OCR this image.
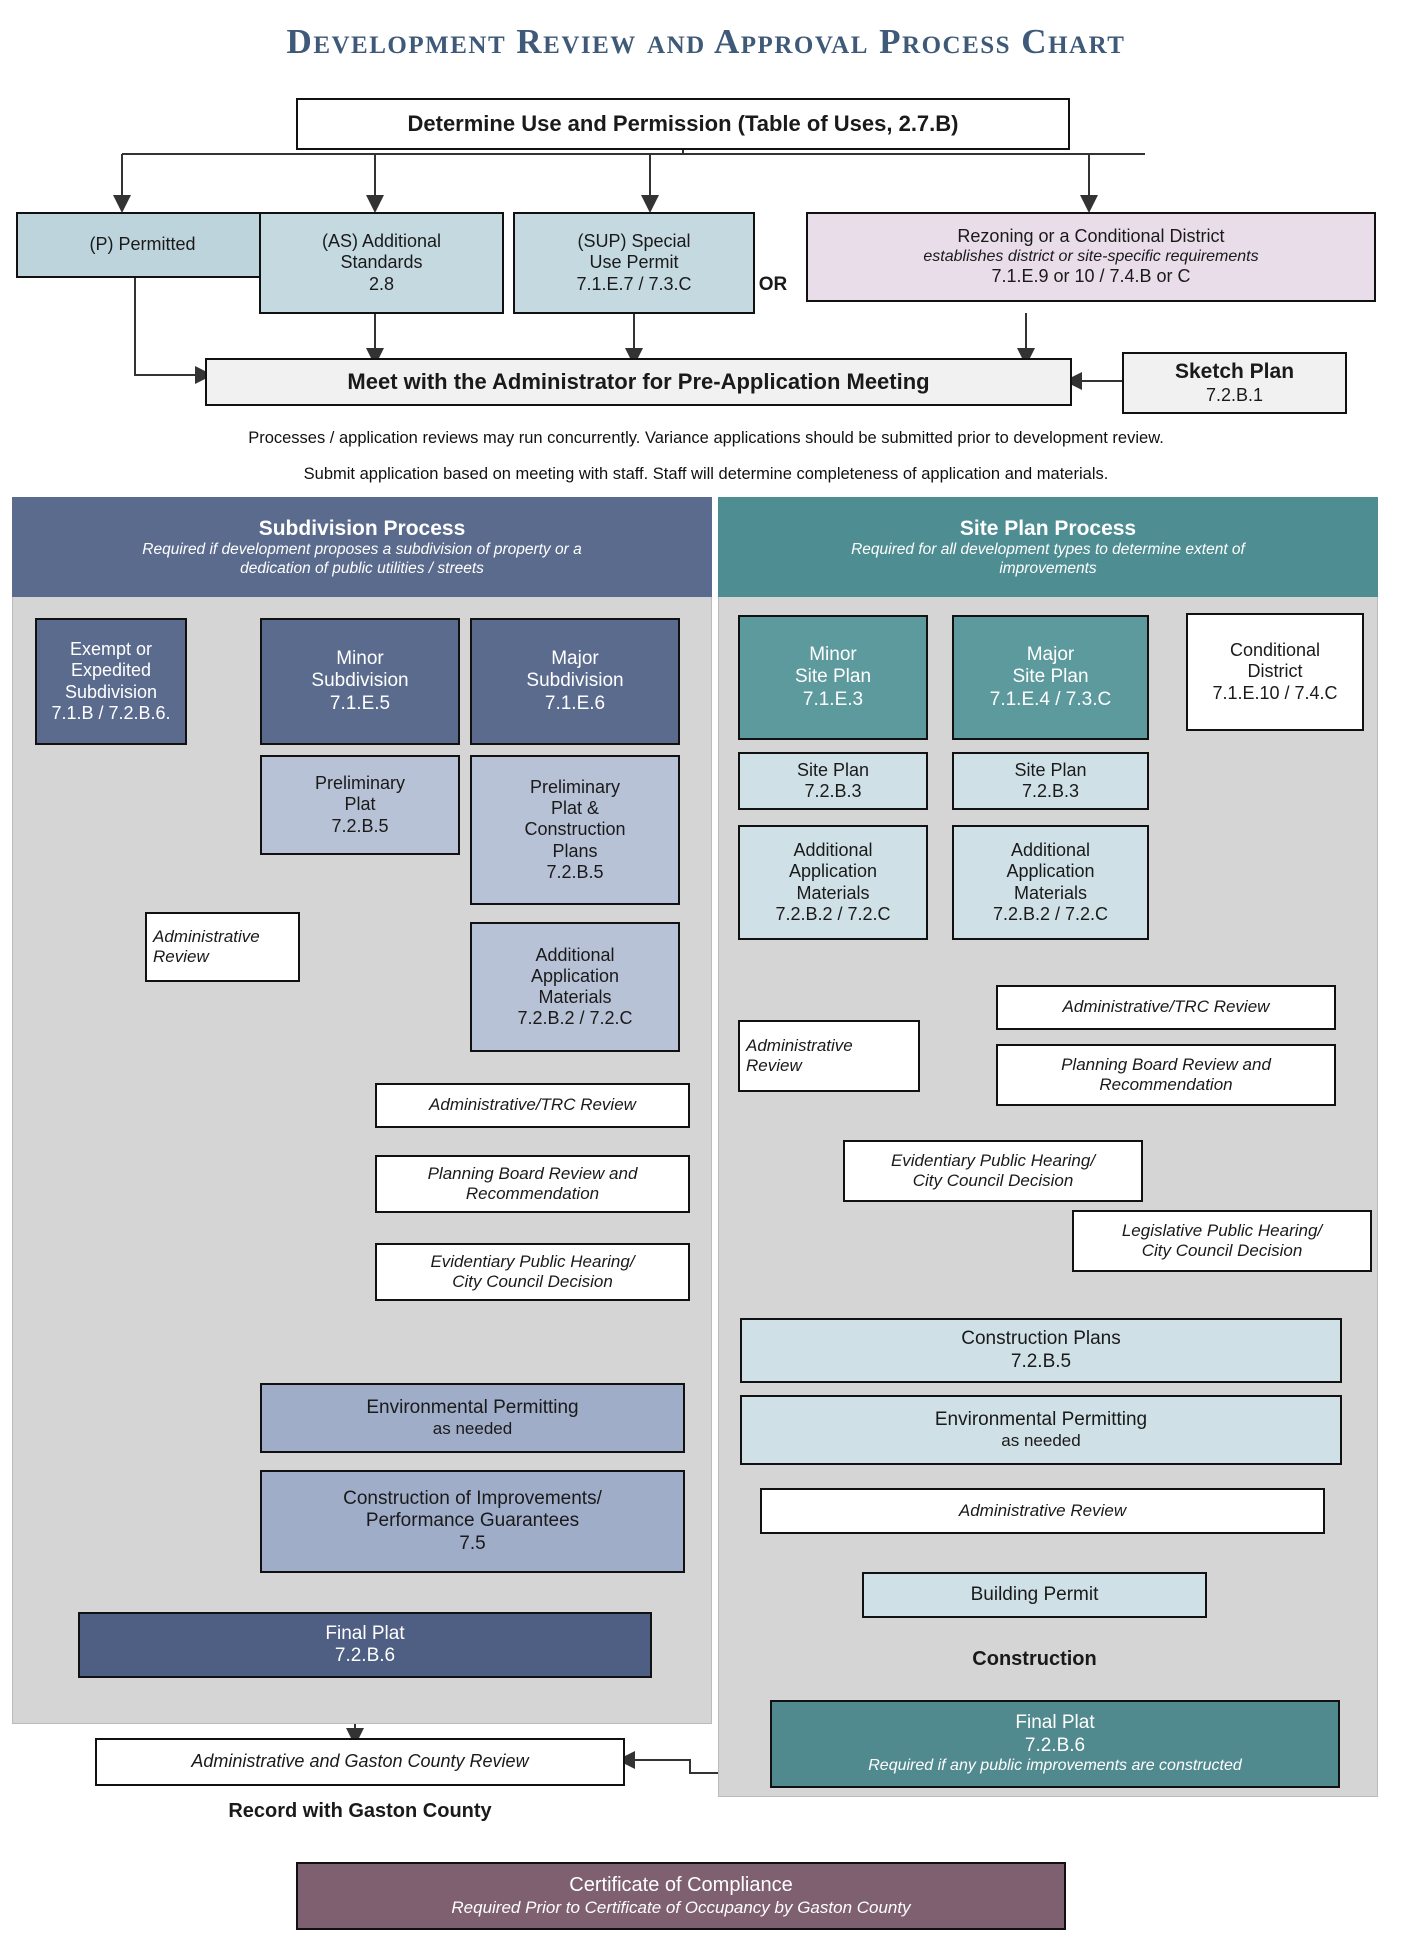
Development Review and Approval Process Chart
Determine Use and Permission (Table of Uses, 2.7.B)
(P) Permitted	(AS) Additional
Standards
2.8
(SUP) Special
Use Permit
7.1.E.7 / 7.3.C	OR
Rezoning or a Conditional District
establishes district or site-specific requirements
7.1.E.9 or 10 / 7.4.B or C
Meet with the Administrator for Pre-Application Meeting	Sketch Plan
7.2.B.1
Processes / application reviews may run concurrently. Variance applications should be submitted prior to development review.
Submit application based on meeting with staff. Staff will determine completeness of application and materials.
Subdivision Process
Required if development proposes a subdivision of property or a
dedication of public utilities / streets
Exempt or
Expedited
Subdivision
7.1.B / 7.2.B.6.
Minor
Subdivision
7.1.E.5
Major
Subdivision
7.1.E.6
Preliminary
Plat
7.2.B.5
Preliminary
Plat &
Construction
Plans
7.2.B.5
Administrative
Review	Additional
Application
Materials
7.2.B.2 / 7.2.C
Administrative/TRC Review
Planning Board Review and
Recommendation
Evidentiary Public Hearing/
City Council Decision
Environmental Permitting
as needed
Construction of Improvements/
Performance Guarantees
7.5
Final Plat
7.2.B.6
Site Plan Process
Required for all development types to determine extent of
improvements
Minor
Site Plan
7.1.E.3
Major
Site Plan
7.1.E.4 / 7.3.C
Conditional
District
7.1.E.10 / 7.4.C
Site Plan
7.2.B.3
Site Plan
7.2.B.3
Additional
Application
Materials
7.2.B.2 / 7.2.C
Additional
Application
Materials
7.2.B.2 / 7.2.C
Administrative
Review
Administrative/TRC Review
Planning Board Review and
Recommendation
Evidentiary Public Hearing/
City Council Decision
Legislative Public Hearing/
City Council Decision
Construction Plans
7.2.B.5
Environmental Permitting
as needed
Administrative Review
Building Permit
Construction
Final Plat
7.2.B.6
Required if any public improvements are constructed
Administrative and Gaston County Review
Record with Gaston County
Certificate of Compliance
Required Prior to Certificate of Occupancy by Gaston County
